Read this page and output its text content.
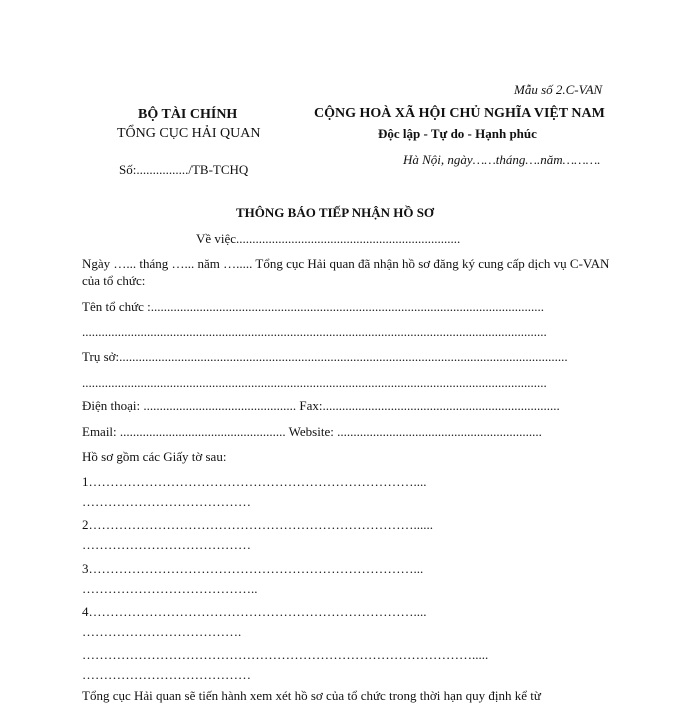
Mẫu số 2.C-VAN
BỘ TÀI CHÍNH
TỔNG CỤC HẢI QUAN
CỘNG HOÀ XÃ HỘI CHỦ NGHĨA VIỆT NAM
Độc lập - Tự do - Hạnh phúc
Hà Nội, ngày……tháng….năm……….
Số:................/TB-TCHQ
THÔNG BÁO TIẾP NHẬN HỒ SƠ
Về việc.....................................................................
Ngày …... tháng …... năm …..... Tổng cục Hải quan đã nhận hồ sơ đăng ký cung cấp dịch vụ C-VAN của tổ chức:
Tên tổ chức :.........................................................................................................................
...............................................................................................................................................
Trụ sở:..........................................................................................................................................
...............................................................................................................................................
Điện thoại: ............................................... Fax:.........................................................................
Email: ................................................... Website: ...............................................................
Hồ sơ gồm các Giấy tờ sau:
1…………………………………………………………………....
…………………………………
2…………………………………………………………………......
…………………………………
3…………………………………………………………………...
…………………………………..
4…………………………………………………………………....
……………………………….
……………………………………………………………………………….....
…………………………………
Tổng cục Hải quan sẽ tiến hành xem xét hồ sơ của tổ chức trong thời hạn quy định kể từ
